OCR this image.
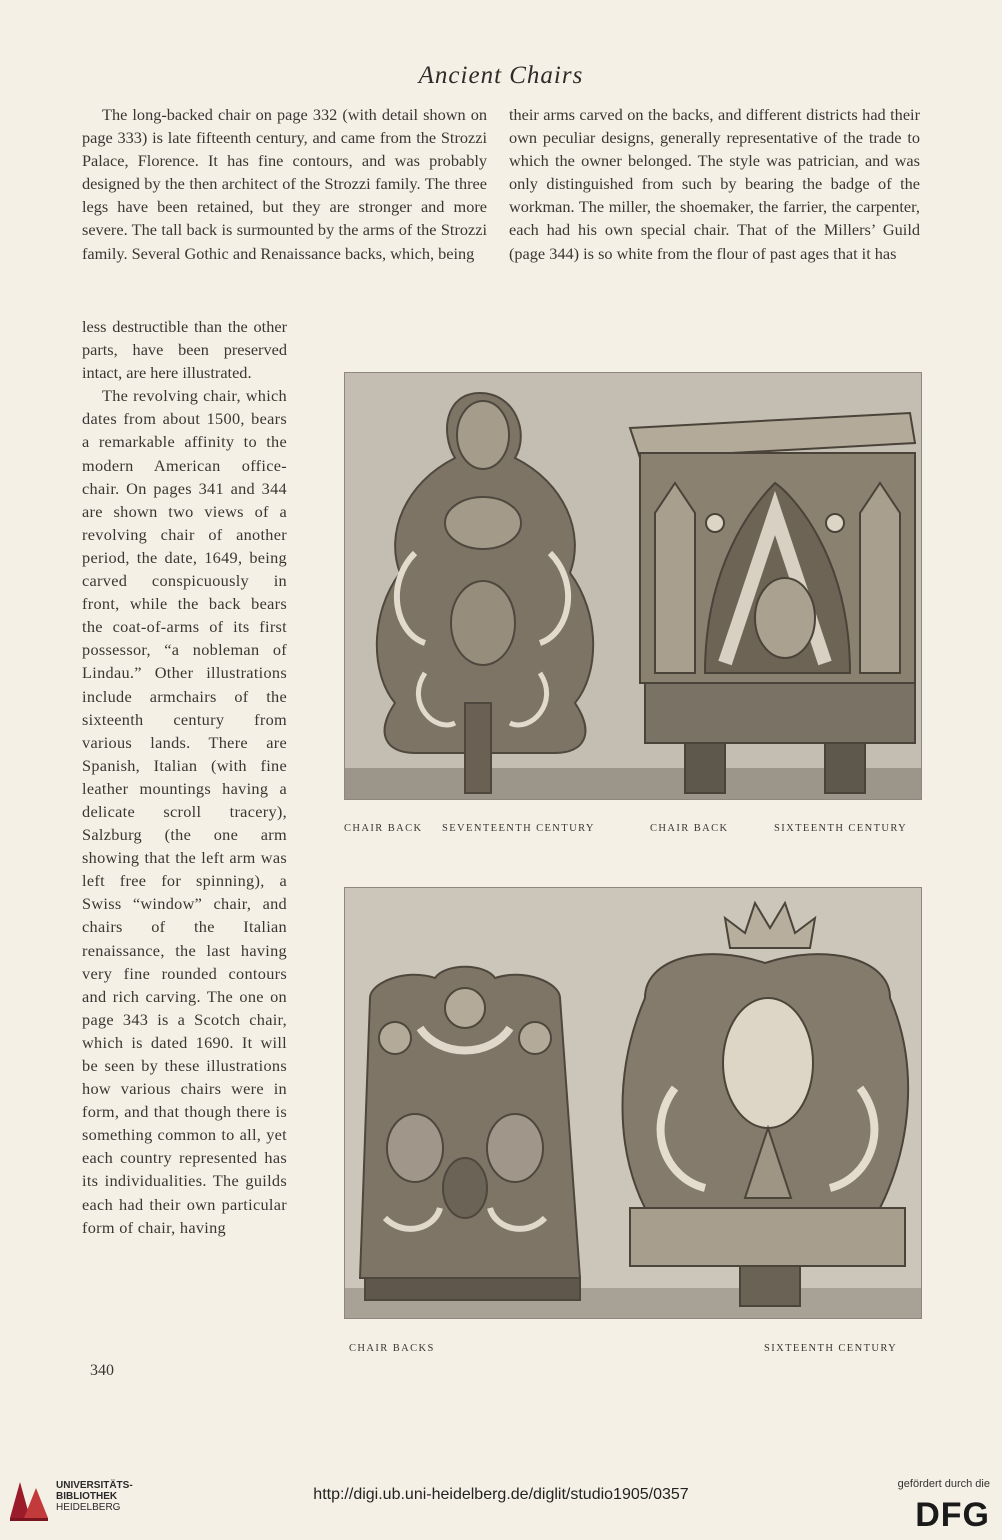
Ancient Chairs

The long-backed chair on page 332 (with detail shown on page 333) is late fifteenth century, and came from the Strozzi Palace, Florence. It has fine contours, and was probably designed by the then architect of the Strozzi family. The three legs have been retained, but they are stronger and more severe. The tall back is surmounted by the arms of the Strozzi family. Several Gothic and Renaissance backs, which, being

their arms carved on the backs, and different districts had their own peculiar designs, generally representative of the trade to which the owner belonged. The style was patrician, and was only distinguished from such by bearing the badge of the workman. The miller, the shoemaker, the farrier, the carpenter, each had his own special chair. That of the Millers’ Guild (page 344) is so white from the flour of past ages that it has

less destructible than the other parts, have been preserved intact, are here illustrated.

The revolving chair, which dates from about 1500, bears a remarkable affinity to the modern American office-chair. On pages 341 and 344 are shown two views of a revolving chair of another period, the date, 1649, being carved conspicuously in front, while the back bears the coat-of-arms of its first possessor, “a nobleman of Lindau.” Other illustrations include armchairs of the sixteenth century from various lands. There are Spanish, Italian (with fine leather mountings having a delicate scroll tracery), Salzburg (the one arm showing that the left arm was left free for spinning), a Swiss “window” chair, and chairs of the Italian renaissance, the last having very fine rounded contours and rich carving. The one on page 343 is a Scotch chair, which is dated 1690. It will be seen by these illustrations how various chairs were in form, and that though there is something common to all, yet each country represented has its individualities. The guilds each had their own particular form of chair, having

CHAIR BACK SEVENTEENTH CENTURY	CHAIR BACK	SIXTEENTH CENTURY
CHAIR BACKS	SIXTEENTH CENTURY
340
UNIVERSITÄTS-
BIBLIOTHEK
HEIDELBERG
http://digi.ub.uni-heidelberg.de/diglit/studio1905/0357
gefördert durch die
DFG
